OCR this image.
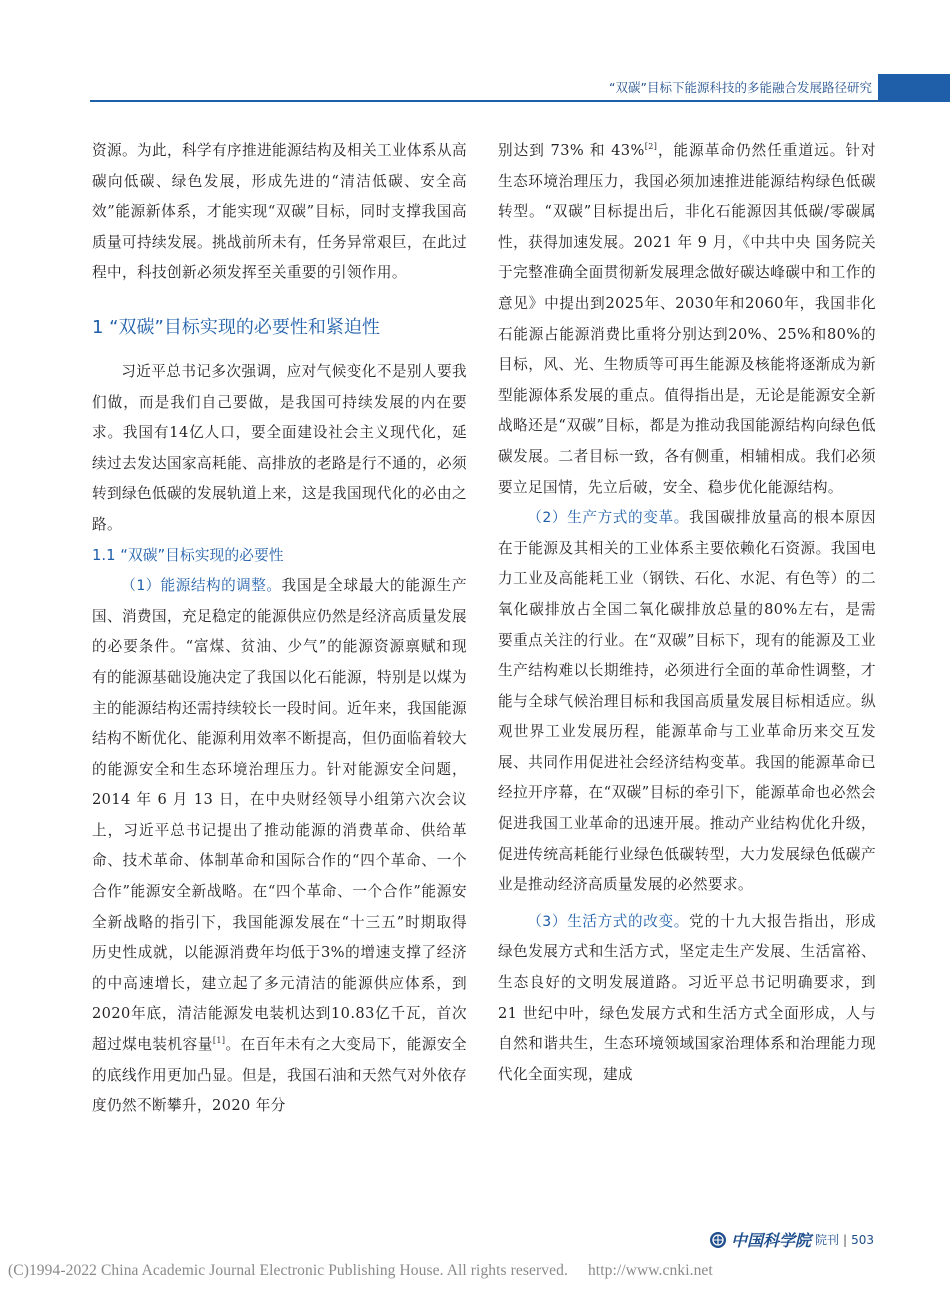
“双碳”目标下能源科技的多能融合发展路径研究

资源。为此，科学有序推进能源结构及相关工业体系从高碳向低碳、绿色发展，形成先进的“清洁低碳、安全高效”能源新体系，才能实现“双碳”目标，同时支撑我国高质量可持续发展。挑战前所未有，任务异常艰巨，在此过程中，科技创新必须发挥至关重要的引领作用。

1 “双碳”目标实现的必要性和紧迫性

习近平总书记多次强调，应对气候变化不是别人要我们做，而是我们自己要做，是我国可持续发展的内在要求。我国有14亿人口，要全面建设社会主义现代化，延续过去发达国家高耗能、高排放的老路是行不通的，必须转到绿色低碳的发展轨道上来，这是我国现代化的必由之路。

1.1 “双碳”目标实现的必要性

（1）能源结构的调整。我国是全球最大的能源生产国、消费国，充足稳定的能源供应仍然是经济高质量发展的必要条件。“富煤、贫油、少气”的能源资源禀赋和现有的能源基础设施决定了我国以化石能源，特别是以煤为主的能源结构还需持续较长一段时间。近年来，我国能源结构不断优化、能源利用效率不断提高，但仍面临着较大的能源安全和生态环境治理压力。针对能源安全问题，2014 年 6 月 13 日，在中央财经领导小组第六次会议上，习近平总书记提出了推动能源的消费革命、供给革命、技术革命、体制革命和国际合作的“四个革命、一个合作”能源安全新战略。在“四个革命、一个合作”能源安全新战略的指引下，我国能源发展在“十三五”时期取得历史性成就，以能源消费年均低于3%的增速支撑了经济的中高速增长，建立起了多元清洁的能源供应体系，到2020年底，清洁能源发电装机达到10.83亿千瓦，首次超过煤电装机容量[1]。在百年未有之大变局下，能源安全的底线作用更加凸显。但是，我国石油和天然气对外依存度仍然不断攀升，2020 年分

别达到 73% 和 43%[2]，能源革命仍然任重道远。针对生态环境治理压力，我国必须加速推进能源结构绿色低碳转型。“双碳”目标提出后，非化石能源因其低碳/零碳属性，获得加速发展。2021 年 9 月，《中共中央 国务院关于完整准确全面贯彻新发展理念做好碳达峰碳中和工作的意见》中提出到2025年、2030年和2060年，我国非化石能源占能源消费比重将分别达到20%、25%和80%的目标，风、光、生物质等可再生能源及核能将逐渐成为新型能源体系发展的重点。值得指出是，无论是能源安全新战略还是“双碳”目标，都是为推动我国能源结构向绿色低碳发展。二者目标一致，各有侧重，相辅相成。我们必须要立足国情，先立后破，安全、稳步优化能源结构。

（2）生产方式的变革。我国碳排放量高的根本原因在于能源及其相关的工业体系主要依赖化石资源。我国电力工业及高能耗工业（钢铁、石化、水泥、有色等）的二氧化碳排放占全国二氧化碳排放总量的80%左右，是需要重点关注的行业。在“双碳”目标下，现有的能源及工业生产结构难以长期维持，必须进行全面的革命性调整，才能与全球气候治理目标和我国高质量发展目标相适应。纵观世界工业发展历程，能源革命与工业革命历来交互发展、共同作用促进社会经济结构变革。我国的能源革命已经拉开序幕，在“双碳”目标的牵引下，能源革命也必然会促进我国工业革命的迅速开展。推动产业结构优化升级，促进传统高耗能行业绿色低碳转型，大力发展绿色低碳产业是推动经济高质量发展的必然要求。

（3）生活方式的改变。党的十九大报告指出，形成绿色发展方式和生活方式，坚定走生产发展、生活富裕、生态良好的文明发展道路。习近平总书记明确要求，到 21 世纪中叶，绿色发展方式和生活方式全面形成，人与自然和谐共生，生态环境领域国家治理体系和治理能力现代化全面实现，建成

中国科学院 院刊 | 503
(C)1994-2022 China Academic Journal Electronic Publishing House. All rights reserved. http://www.cnki.net
